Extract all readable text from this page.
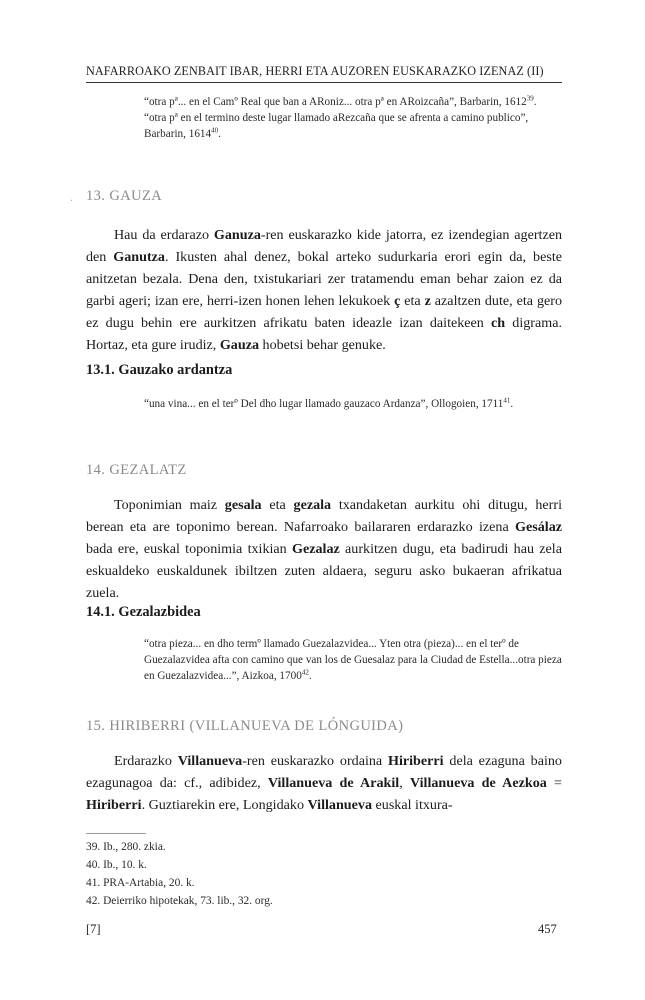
NAFARROAKO ZENBAIT IBAR, HERRI ETA AUZOREN EUSKARAZKO IZENAZ (II)

“otra pª... en el Camº Real que ban a ARoniz... otra pª en ARoizcaña”, Barbarin, 1612$^{39}$.

“otra pª en el termino deste lugar llamado aRezcaña que se afrenta a camino publico”, Barbarin, 1614$^{40}$.

. 13. GAUZA

Hau da erdarazo Ganuza-ren euskarazko kide jatorra, ez izendegian agertzen den Ganutza. Ikusten ahal denez, bokal arteko sudurkaria erori egin da, beste anitzetan bezala. Dena den, txistukariari zer tratamendu eman behar zaion ez da garbi ageri; izan ere, herri-izen honen lehen lekukoek ç eta z azaltzen dute, eta gero ez dugu behin ere aurkitzen afrikatu baten ideazle izan daitekeen ch digrama. Hortaz, eta gure irudiz, Gauza hobetsi behar genuke.

13.1. Gauzako ardantza

“una vina... en el terº Del dho lugar llamado gauzaco Ardanza”, Ollogoien, 1711$^{41}$.

14. GEZALATZ

Toponimian maiz gesala eta gezala txandaketan aurkitu ohi ditugu, herri berean eta are toponimo berean. Nafarroako bailararen erdarazko izena Gesálaz bada ere, euskal toponimia txikian Gezalaz aurkitzen dugu, eta badirudi hau zela eskualdeko euskaldunek ibiltzen zuten aldaera, seguru asko bukaeran afrikatua zuela.

14.1. Gezalazbidea

“otra pieza... en dho termº llamado Guezalazvidea... Yten otra (pieza)... en el terº de Guezalazvidea afta con camino que van los de Guesalaz para la Ciudad de Estella...otra pieza en Guezalazvidea...”, Aizkoa, 1700$^{42}$.

15. HIRIBERRI (VILLANUEVA DE LÓNGUIDA)

Erdarazko Villanueva-ren euskarazko ordaina Hiriberri dela ezaguna baino ezagunagoa da: cf., adibidez, Villanueva de Arakil, Villanueva de Aezkoa = Hiriberri. Guztiarekin ere, Longidako Villanueva euskal itxura-

39. Ib., 280. zkia.
40. Ib., 10. k.
41. PRA-Artabia, 20. k.
42. Deierriko hipotekak, 73. lib., 32. org.
[7]	457
